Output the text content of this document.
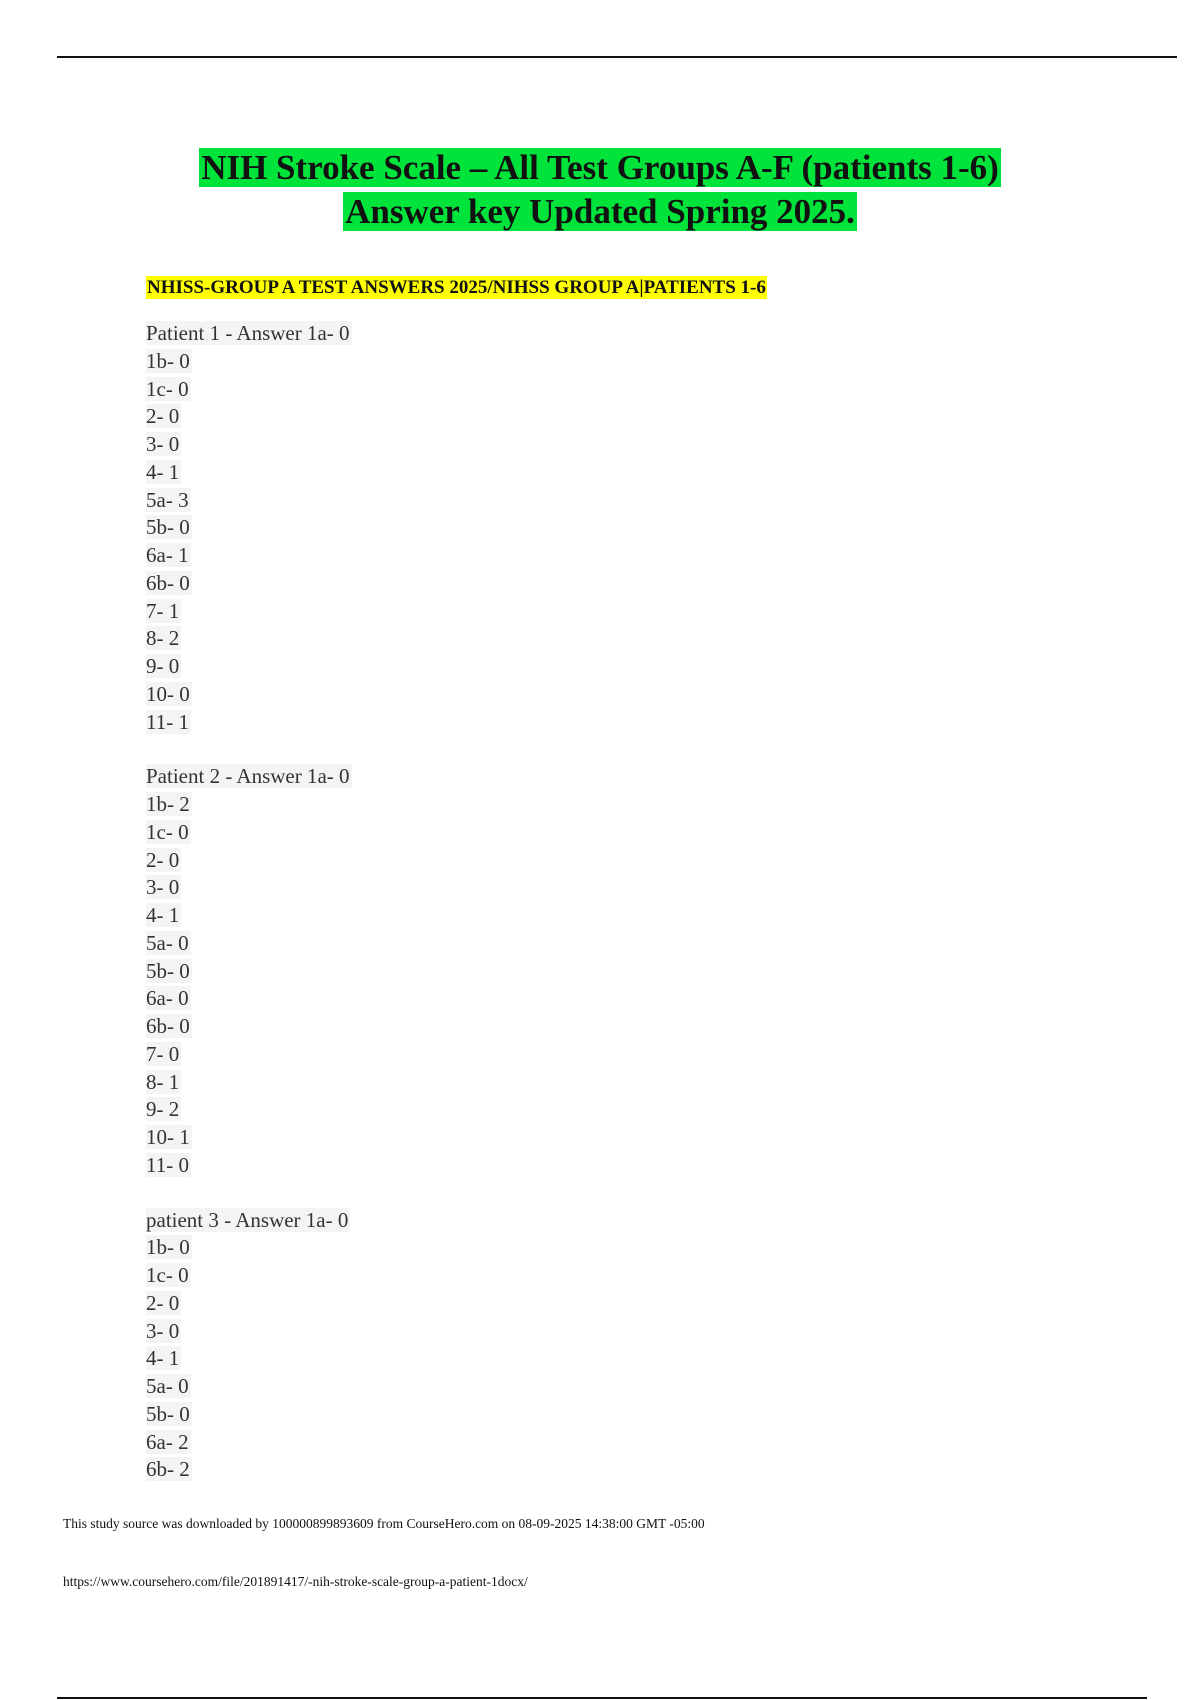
NIH Stroke Scale – All Test Groups A-F (patients 1-6)
Answer key Updated Spring 2025.
NHISS-GROUP A TEST ANSWERS 2025/NIHSS GROUP A|PATIENTS 1-6
Patient 1 - Answer 1a- 0
1b- 0
1c- 0
2- 0
3- 0
4- 1
5a- 3
5b- 0
6a- 1
6b- 0
7- 1
8- 2
9- 0
10- 0
11- 1
Patient 2 - Answer 1a- 0
1b- 2
1c- 0
2- 0
3- 0
4- 1
5a- 0
5b- 0
6a- 0
6b- 0
7- 0
8- 1
9- 2
10- 1
11- 0
patient 3 - Answer 1a- 0
1b- 0
1c- 0
2- 0
3- 0
4- 1
5a- 0
5b- 0
6a- 2
6b- 2
This study source was downloaded by 100000899893609 from CourseHero.com on 08-09-2025 14:38:00 GMT -05:00
https://www.coursehero.com/file/201891417/-nih-stroke-scale-group-a-patient-1docx/
